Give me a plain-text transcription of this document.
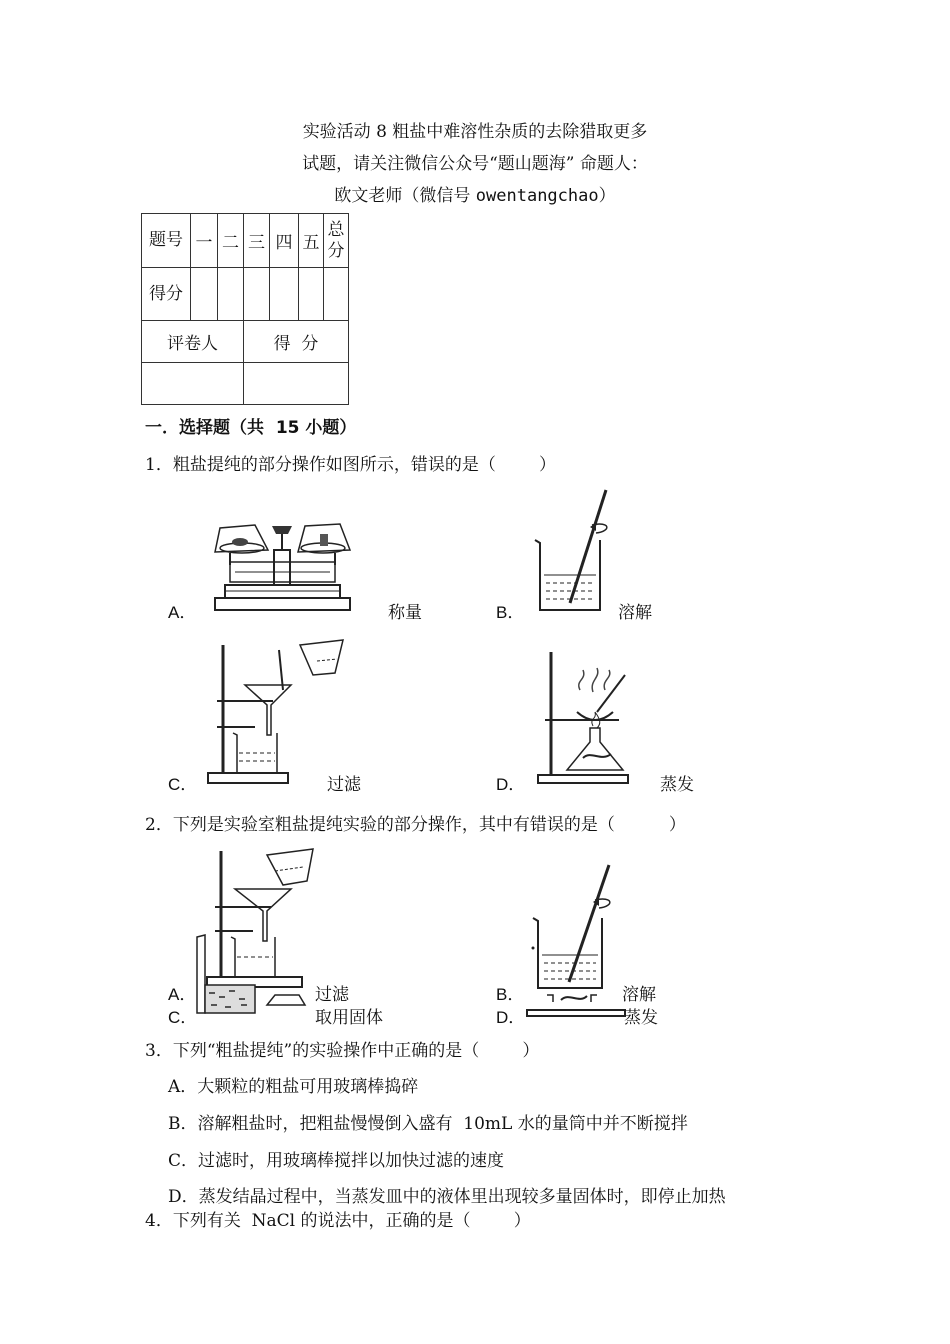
实验活动 8 粗盐中难溶性杂质的去除猎取更多
试题，请关注微信公众号“题山题海” 命题人：
欧文老师（微信号 owentangchao）
题号	一	二	三	四	五	总分
得分						
评卷人			得  分			

一．选择题（共  15 小题）
1．粗盐提纯的部分操作如图所示，错误的是（        ）
A．	称量	B．	溶解
C．	过滤	D．	蒸发
2．下列是实验室粗盐提纯实验的部分操作，其中有错误的是（          ）
A．	过滤
C．	取用固体
B．	溶解
D．	蒸发
3．下列“粗盐提纯”的实验操作中正确的是（        ）
A．大颗粒的粗盐可用玻璃棒捣碎
B．溶解粗盐时，把粗盐慢慢倒入盛有  10mL 水的量筒中并不断搅拌
C．过滤时，用玻璃棒搅拌以加快过滤的速度
D．蒸发结晶过程中，当蒸发皿中的液体里出现较多量固体时，即停止加热
4．下列有关  NaCl 的说法中，正确的是（        ）
